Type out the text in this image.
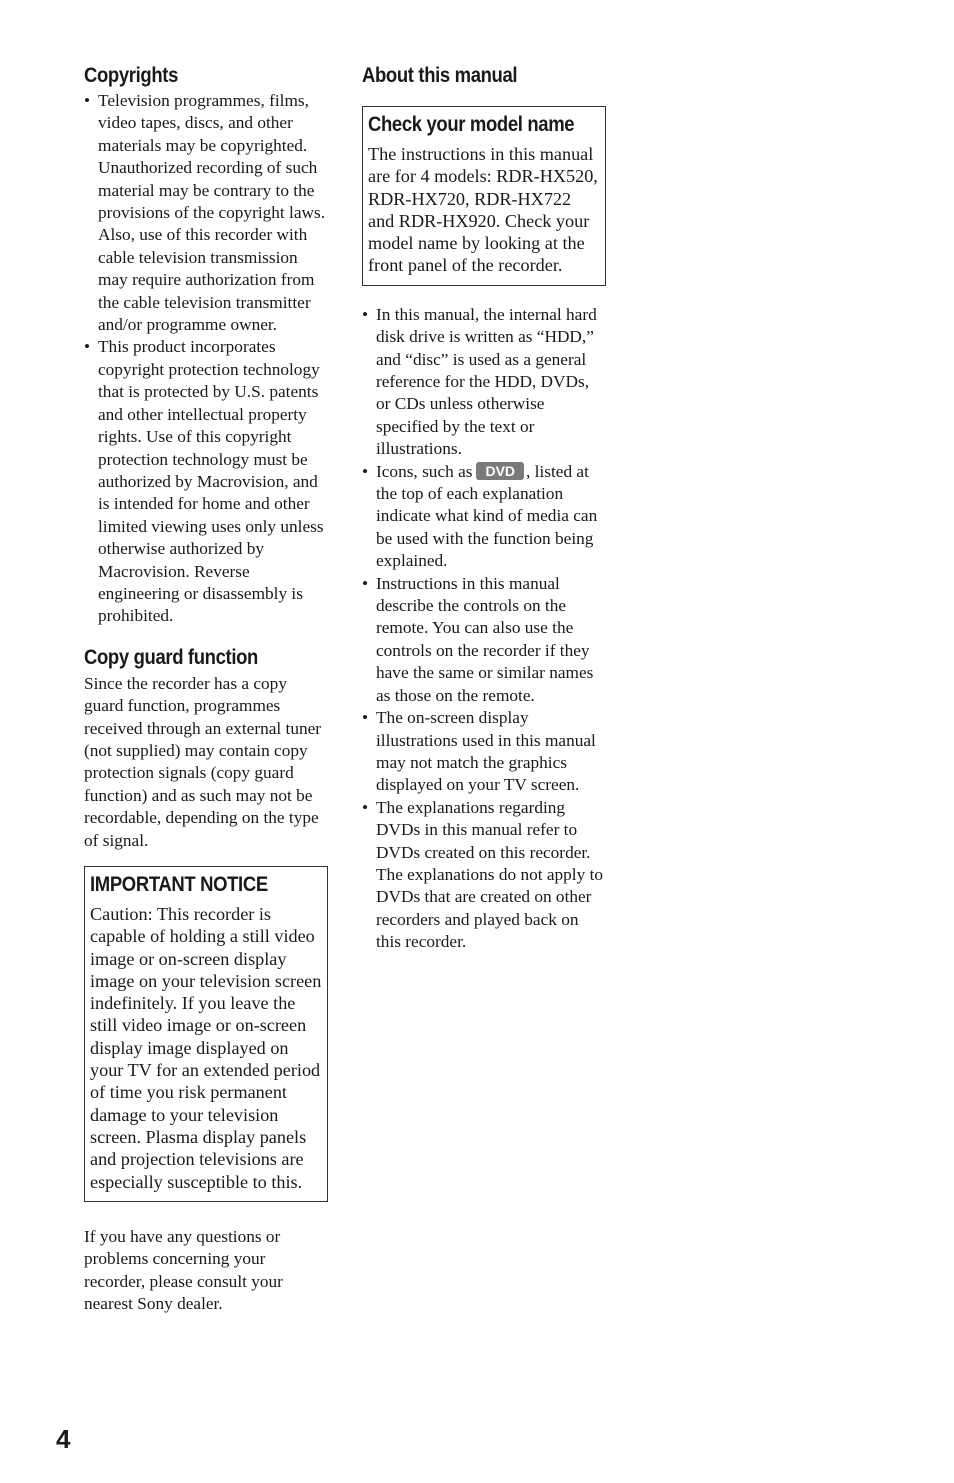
Copyrights
• Television programmes, films, video tapes, discs, and other materials may be copyrighted. Unauthorized recording of such material may be contrary to the provisions of the copyright laws. Also, use of this recorder with cable television transmission may require authorization from the cable television transmitter and/or programme owner.
• This product incorporates copyright protection technology that is protected by U.S. patents and other intellectual property rights. Use of this copyright protection technology must be authorized by Macrovision, and is intended for home and other limited viewing uses only unless otherwise authorized by Macrovision. Reverse engineering or disassembly is prohibited.
Copy guard function

Since the recorder has a copy guard function, programmes received through an external tuner (not supplied) may contain copy protection signals (copy guard function) and as such may not be recordable, depending on the type of signal.

IMPORTANT NOTICE

Caution: This recorder is capable of holding a still video image or on-screen display image on your television screen indefinitely. If you leave the still video image or on-screen display image displayed on your TV for an extended period of time you risk permanent damage to your television screen. Plasma display panels and projection televisions are especially susceptible to this.

If you have any questions or problems concerning your recorder, please consult your nearest Sony dealer.

About this manual
Check your model name

The instructions in this manual are for 4 models: RDR-HX520, RDR-HX720, RDR-HX722 and RDR-HX920. Check your model name by looking at the front panel of the recorder.

• In this manual, the internal hard disk drive is written as “HDD,” and “disc” is used as a general reference for the HDD, DVDs, or CDs unless otherwise specified by the text or illustrations.
• Icons, such as DVD , listed at the top of each explanation indicate what kind of media can be used with the function being explained.
• Instructions in this manual describe the controls on the remote. You can also use the controls on the recorder if they have the same or similar names as those on the remote.
• The on-screen display illustrations used in this manual may not match the graphics displayed on your TV screen.
• The explanations regarding DVDs in this manual refer to DVDs created on this recorder. The explanations do not apply to DVDs that are created on other recorders and played back on this recorder.
4
